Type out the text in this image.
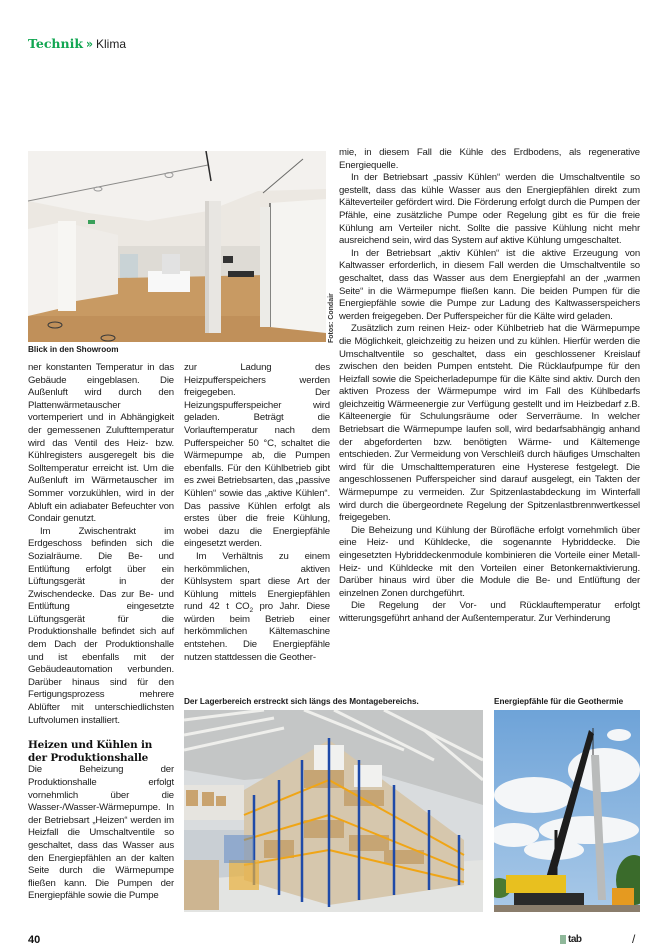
Technik » Klima
Fotos: Condair
Blick in den Showroom

ner konstanten Temperatur in das Gebäude eingeblasen. Die Außenluft wird durch den Plattenwärmetauscher vortemperiert und in Abhängigkeit der gemessenen Zulufttemperatur wird das Ventil des Heiz- bzw. Kühlregisters ausgeregelt bis die Solltemperatur erreicht ist. Um die Außenluft im Wärmetauscher im Sommer vorzukühlen, wird in der Abluft ein adiabater Befeuchter von Condair genutzt.

Im Zwischentrakt im Erdgeschoss befinden sich die Sozialräume. Die Be- und Entlüftung erfolgt über ein Lüftungsgerät in der Zwischendecke. Das zur Be- und Entlüftung eingesetzte Lüftungsgerät für die Produktionshalle befindet sich auf dem Dach der Produktionshalle und ist ebenfalls mit der Gebäudeautomation verbunden. Darüber hinaus sind für den Fertigungsprozess mehrere Ablüfter mit unterschiedlichsten Luftvolumen installiert.

Heizen und Kühlen in der Produktionshalle

Die Beheizung der Produktionshalle erfolgt vornehmlich über die Wasser-/Wasser-Wärmepumpe. In der Betriebsart „Heizen“ werden im Heizfall die Umschaltventile so geschaltet, dass das Wasser aus den Energiepfählen an der kalten Seite durch die Wärmepumpe fließen kann. Die Pumpen der Energiepfähle sowie die Pumpe

zur Ladung des Heizpufferspeichers werden freigegeben. Der Heizungspufferspeicher wird geladen. Beträgt die Vorlauftemperatur nach dem Pufferspeicher 50 °C, schaltet die Wärmepumpe ab, die Pumpen ebenfalls. Für den Kühlbetrieb gibt es zwei Betriebsarten, das „passive Kühlen“ sowie das „aktive Kühlen“. Das passive Kühlen erfolgt als erstes über die freie Kühlung, wobei dazu die Energiepfähle eingesetzt werden.

Im Verhältnis zu einem herkömmlichen, aktiven Kühlsystem spart diese Art der Kühlung mittels Energiepfählen rund 42 t $CO_2$ pro Jahr. Diese würden beim Betrieb einer herkömmlichen Kältemaschine entstehen. Die Energiepfähle nutzen stattdessen die Geother-

mie, in diesem Fall die Kühle des Erdbodens, als regenerative Energiequelle.

In der Betriebsart „passiv Kühlen“ werden die Umschaltventile so gestellt, dass das kühle Wasser aus den Energiepfählen direkt zum Kälteverteiler gefördert wird. Die Förderung erfolgt durch die Pumpen der Pfähle, eine zusätzliche Pumpe oder Regelung gibt es für die freie Kühlung am Verteiler nicht. Sollte die passive Kühlung nicht mehr ausreichend sein, wird das System auf aktive Kühlung umgeschaltet.

In der Betriebsart „aktiv Kühlen“ ist die aktive Erzeugung von Kaltwasser erforderlich, in diesem Fall werden die Umschaltventile so geschaltet, dass das Wasser aus dem Energiepfahl an der „warmen Seite“ in die Wärmepumpe fließen kann. Die beiden Pumpen für die Energiepfähle sowie die Pumpe zur Ladung des Kaltwasserspeichers werden freigegeben. Der Pufferspeicher für die Kälte wird geladen.

Zusätzlich zum reinen Heiz- oder Kühlbetrieb hat die Wärmepumpe die Möglichkeit, gleichzeitig zu heizen und zu kühlen. Hierfür werden die Umschaltventile so geschaltet, dass ein geschlossener Kreislauf zwischen den beiden Pumpen entsteht. Die Rücklaufpumpe für den Heizfall sowie die Speicherladepumpe für die Kälte sind aktiv. Durch den aktiven Prozess der Wärmepumpe wird im Fall des Kühlbedarfs gleichzeitig Wärmeenergie zur Verfügung gestellt und im Heizbedarf z.B. Kälteenergie für Schulungsräume oder Serverräume. In welcher Betriebsart die Wärmepumpe laufen soll, wird bedarfsabhängig anhand der abgeforderten bzw. benötigten Wärme- und Kältemenge entschieden. Zur Vermeidung von Verschleiß durch häufiges Umschalten wird für die Umschalttemperaturen eine Hysterese festgelegt. Die angeschlossenen Pufferspeicher sind darauf ausgelegt, ein Takten der Wärmepumpe zu vermeiden. Zur Spitzenlastabdeckung im Winterfall wird durch die übergeordnete Regelung der Spitzenlastbrennwertkessel freigegeben.

Die Beheizung und Kühlung der Bürofläche erfolgt vornehmlich über eine Heiz- und Kühldecke, die sogenannte Hybriddecke. Die eingesetzten Hybriddeckenmodule kombinieren die Vorteile einer Metall-Heiz- und Kühldecke mit den Vorteilen einer Betonkernaktivierung. Darüber hinaus wird über die Module die Be- und Entlüftung der einzelnen Zonen durchgeführt.

Die Regelung der Vor- und Rücklauftemperatur erfolgt witterungsgeführt anhand der Außentemperatur. Zur Verhinderung

Der Lagerbereich erstreckt sich längs des Montagebereichs.	Energiepfähle für die Geothermie
40	tab	/
